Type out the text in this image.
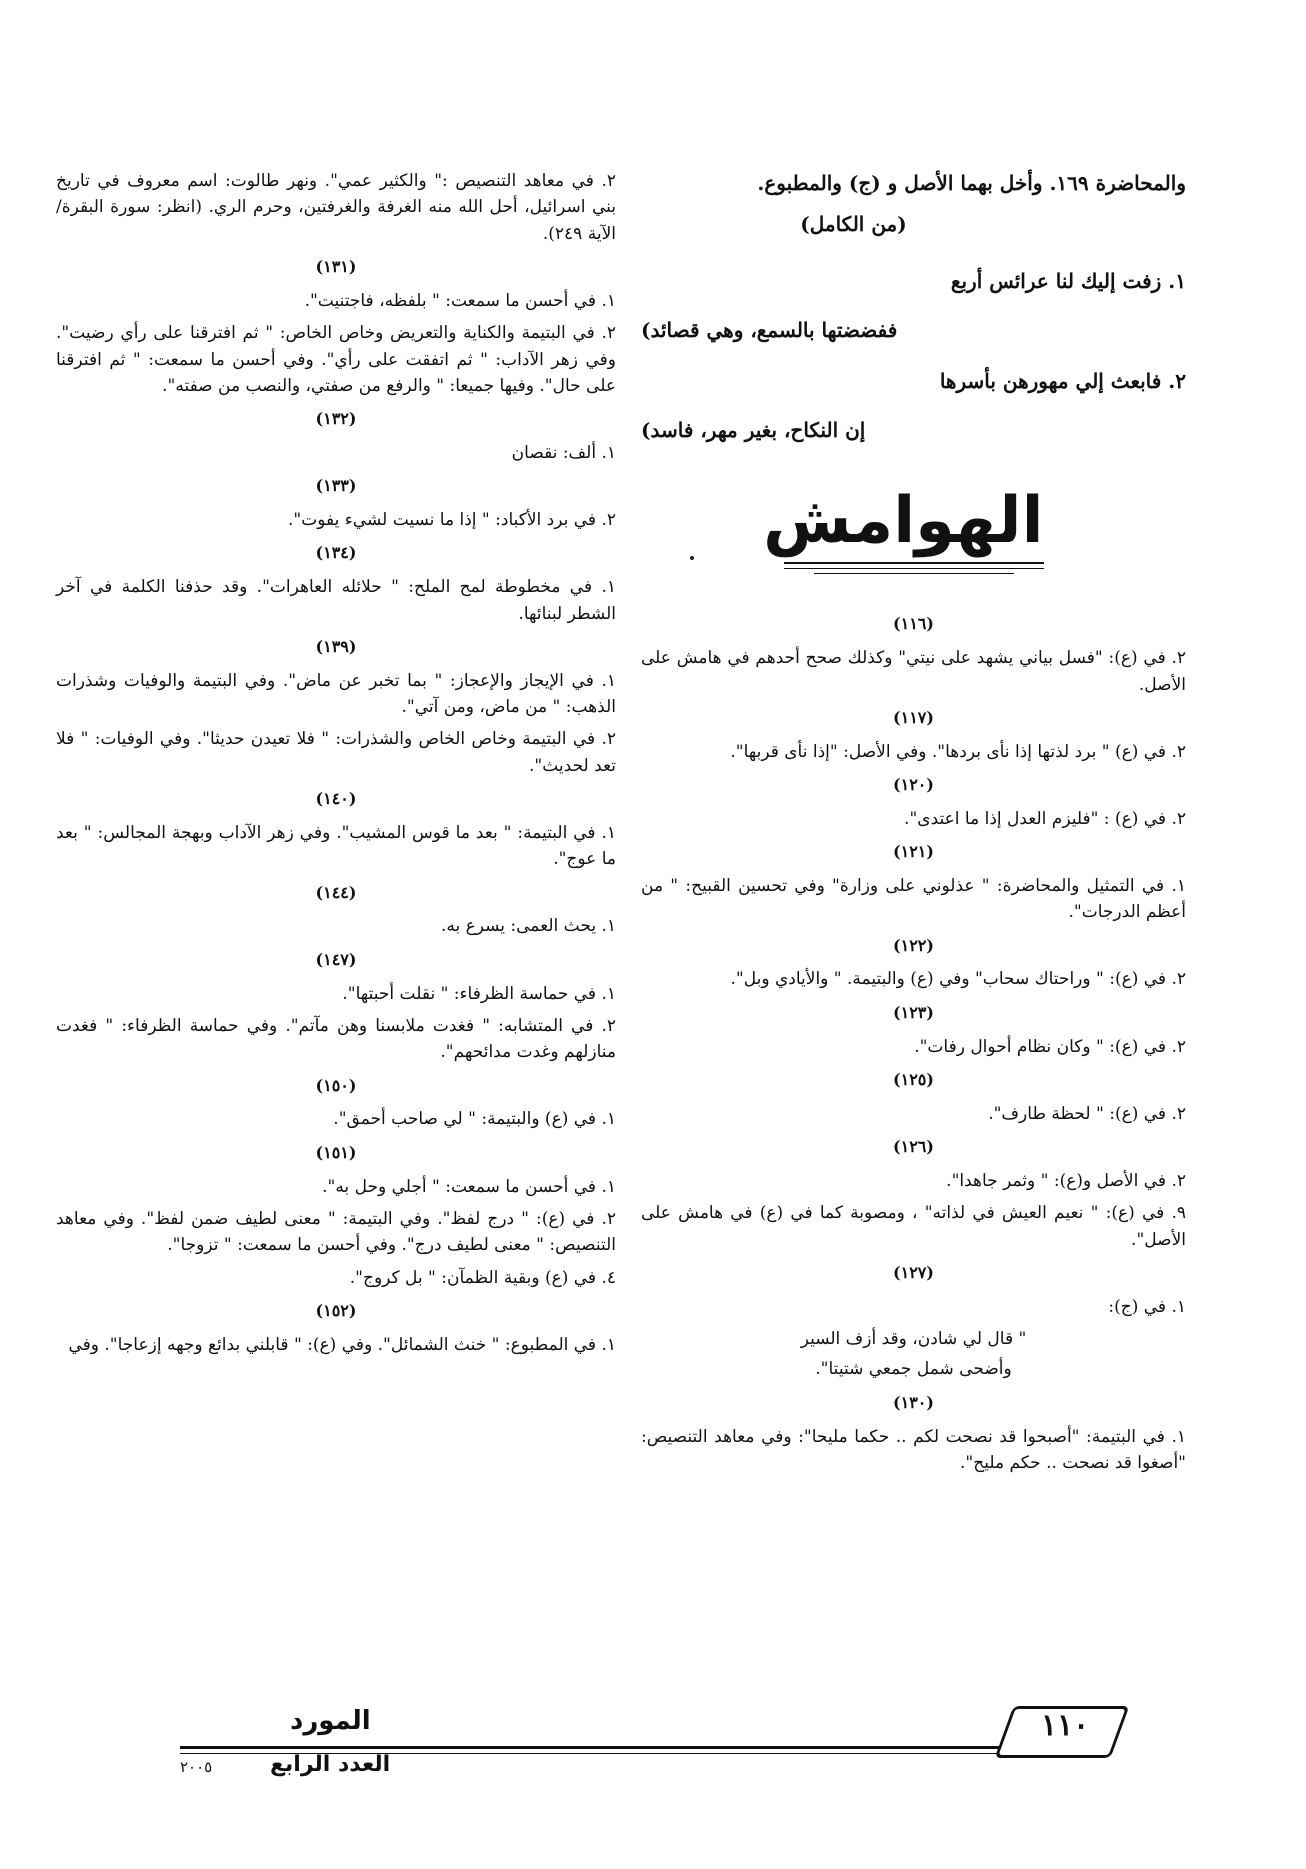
والمحاضرة ١٦٩. وأخل بهما الأصل و (ج) والمطبوع.

(من الكامل)

١. زفت إليك لنا عرائس أربع

ففضضتها بالسمع، وهي قصائد)

٢. فابعث إلي مهورهن بأسرها

إن النكاح، بغير مهر، فاسد)

الهوامش
(١١٦)

٢. في (ع): "فسل بياني يشهد على نيتي" وكذلك صحح أحدهم في هامش على الأصل.

(١١٧)

٢. في (ع) " برد لذتها إذا نأى بردها". وفي الأصل: "إذا نأى قربها".

(١٢٠)

٢. في (ع) : "فليزم العدل إذا ما اعتدى".

(١٢١)

١. في التمثيل والمحاضرة: " عذلوني على وزارة" وفي تحسين القبيح: " من أعظم الدرجات".

(١٢٢)

٢. في (ع): " وراحتاك سحاب" وفي (ع) والبتيمة. " والأيادي وبل".

(١٢٣)

٢. في (ع): " وكان نظام أحوال رفات".

(١٢٥)

٢. في (ع): " لحظة طارف".

(١٢٦)

٢. في الأصل و(ع): " وثمر جاهدا".

٩. في (ع): " نعيم العيش في لذاته" ، ومصوبة كما في (ع) في هامش على الأصل".

(١٢٧)

١. في (ج):

" قال لي شادن، وقد أزف السير

وأضحى شمل جمعي شتيتا".

(١٣٠)

١. في البتيمة: "أصبحوا قد نصحت لكم .. حكما مليحا": وفي معاهد التنصيص: "أصغوا قد نصحت .. حكم مليح".

٢. في معاهد التنصيص :" والكثير عمي". ونهر طالوت: اسم معروف في تاريخ بني اسرائيل، أحل الله منه الغرفة والغرفتين، وحرم الري. (انظر: سورة البقرة/ الآية ٢٤٩).

(١٣١)

١. في أحسن ما سمعت: " بلفظه، فاجتنيت".

٢. في البتيمة والكناية والتعريض وخاص الخاص: " ثم افترقنا على رأي رضيت". وفي زهر الآداب: " ثم اتفقت على رأي". وفي أحسن ما سمعت: " ثم افترقنا على حال". وفيها جميعا: " والرفع من صفتي، والنصب من صفته".

(١٣٢)

١. ألف: نقصان

(١٣٣)

٢. في برد الأكباد: " إذا ما نسيت لشيء يفوت".

(١٣٤)

١. في مخطوطة لمح الملح: " حلائله العاهرات". وقد حذفنا الكلمة في آخر الشطر لبنائها.

(١٣٩)

١. في الإيجاز والإعجاز: " بما تخبر عن ماض". وفي البتيمة والوفيات وشذرات الذهب: " من ماض، ومن آتي".

٢. في البتيمة وخاص الخاص والشذرات: " فلا تعيدن حديثا". وفي الوفيات: " فلا تعد لحديث".

(١٤٠)

١. في البتيمة: " بعد ما قوس المشيب". وفي زهر الآداب وبهجة المجالس: " بعد ما عوج".

(١٤٤)

١. يحث العمى: يسرع به.

(١٤٧)

١. في حماسة الظرفاء: " نقلت أحبتها".

٢. في المتشابه: " فغدت ملابسنا وهن مآتم". وفي حماسة الظرفاء: " فغدت منازلهم وغدت مدائحهم".

(١٥٠)

١. في (ع) والبتيمة: " لي صاحب أحمق".

(١٥١)

١. في أحسن ما سمعت: " أجلي وحل به".

٢. في (ع): " درج لفظ". وفي البتيمة: " معنى لطيف ضمن لفظ". وفي معاهد التنصيص: " معنى لطيف درج". وفي أحسن ما سمعت: " تزوجا".

٤. في (ع) وبقية الظمآن: " بل كروج".

(١٥٢)

١. في المطبوع: " خنث الشمائل". وفي (ع): " قابلني بدائع وجهه إزعاجا". وفي

١١٠
المورد
العدد الرابع
٢٠٠٥
